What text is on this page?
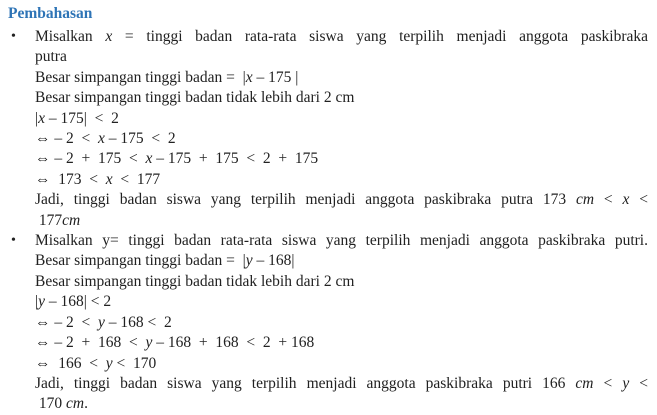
Pembahasan
•	Misalkan x = tinggi badan rata-rata siswa yang terpilih menjadi anggota paskibraka
putra
Besar simpangan tinggi badan =  |x – 175 |
Besar simpangan tinggi badan tidak lebih dari 2 cm
|x – 175|  <  2
⇔ – 2  <  x – 175  <  2
⇔ – 2  +  175  <  x – 175  +  175  <  2  +  175
⇔  173  <  x  <  177
Jadi, tinggi badan siswa yang terpilih menjadi anggota paskibraka putra 173 cm < x <
177cm
•	Misalkan y= tinggi badan rata-rata siswa yang terpilih menjadi anggota paskibraka putri.
Besar simpangan tinggi badan =  |y – 168|
Besar simpangan tinggi badan tidak lebih dari 2 cm
|y – 168| < 2
⇔ – 2  <  y – 168 <  2
⇔ – 2  +  168  <  y – 168  +  168  <  2  + 168
⇔  166  <  y <  170
Jadi, tinggi badan siswa yang terpilih menjadi anggota paskibraka putri 166 cm < y <
170 cm.
